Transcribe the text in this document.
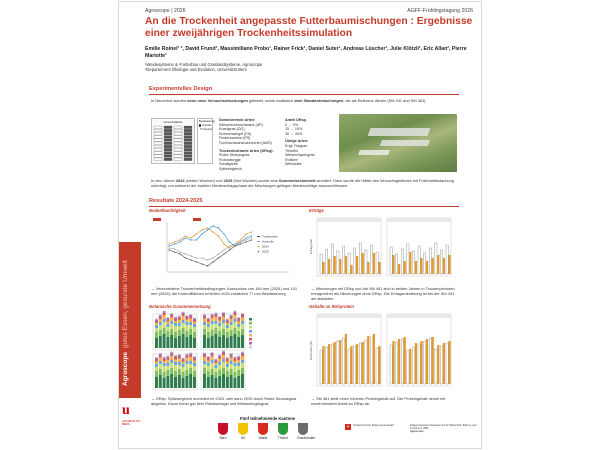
Agroscopegutes Essen, gesunde Umwelt
u
UNIVERSITÄT BERN
Agroscope | 2026	AGFF-Frühlingstagung 2026
An die Trockenheit angepasste Futterbaumischungen : Ergebnisse einer zweijährigen Trockenheitssimulation
Emilie Roinel¹ ², David Frund¹, Massimiliano Probo¹, Rainer Frick¹, Daniel Suter¹, Andreas Lüscher¹, Julie Klötzli¹, Eric Allan², Pierre Mariotte¹
¹Weidesysteme & ¹Futterbau und Graslandsysteme, Agroscope
²Departement Ökologie und Evolution, Universität Bern
Experimentelles Design
In Neuenhof wurden neun neue Versuchsmischungen getestet, sowie zusätzlich zwei Standardmischungen, die als Referenz dienen (SM 431 and SM 481).
Versuchsfläche	Bewässerung
Kontrolle
Trockenheit
Dominierende Arten:
Wiesenfuchsschwanz (AP)
Knaulgras (DG)
Rohrschwingel (FA)
Fiederzwenke (FR)
Fuchsschwanzhauhechel (AMS)
Trockentolerante Arten (DRsp):
Rotes Straussgras
Robustsegge
Schafgarbe
Spitzwegerich
Anteil DRsp.
0 → 0%
15 → 15%
30 → 30%
Übrige Arten:
Engl. Raigras
Timothe
Wiesenrispengras
Rotklee
Weissklee
In den Jahren 2024 (sieben Wochen) und 2025 (fünf Wochen) wurde eine Sommertrockenheit simuliert. Dazu wurde die Hälfte des Versuchsgeländes mit Folientubtisdachung unterlegt, um während der zweiten Niederschlagsphase der Mischungen geliegen Niederschläge auszuschliessen.
Resultate 2024-2025
Bodenfeuchtigkeit
Trockenheit
Kontrolle
2024
2025
→ Verschiedene Trockenheitsbedingungen: Ausschluss von 184 mm (2024) und 143 mm (2025); die Kontrollflächen erhielten 2025 zusätzlich 77 mm Bewässerung.
Botanische Zusammensetzung
→ DRsp: Spitzwegerich dominiert im 2024, weil dann 2025 durch Rotes Straussgras abgelöst. Kaum höher gar kein Robstsebsgel und Wiesenbegesgras
Erträge
Ertrag (t/ha)
→ Mischungen mit DRsp und die SM 481 sind in beiden Jahren in Trockenperioden ertragreicher als Mischungen ohne DRsp. Die Ertragsminderung ist bei der SM 431 am stärksten.
Gehalte an Rohprotein
Rohprotein (%)
→ SM 481 stellt einen höheren Proteingehalt auf. Der Proteingehalt nimmt mit zunehmendem Anteil an DRsp ab.
Fünf teilnehmende Kantone
Bern	Uri	Wallis	Thürnn	Graubünden
+	Schweizerische Eidgenossenschaft	Eidgenössisches Departement für Wirtschaft, Bildung und Forschung WBF
Agroscope
